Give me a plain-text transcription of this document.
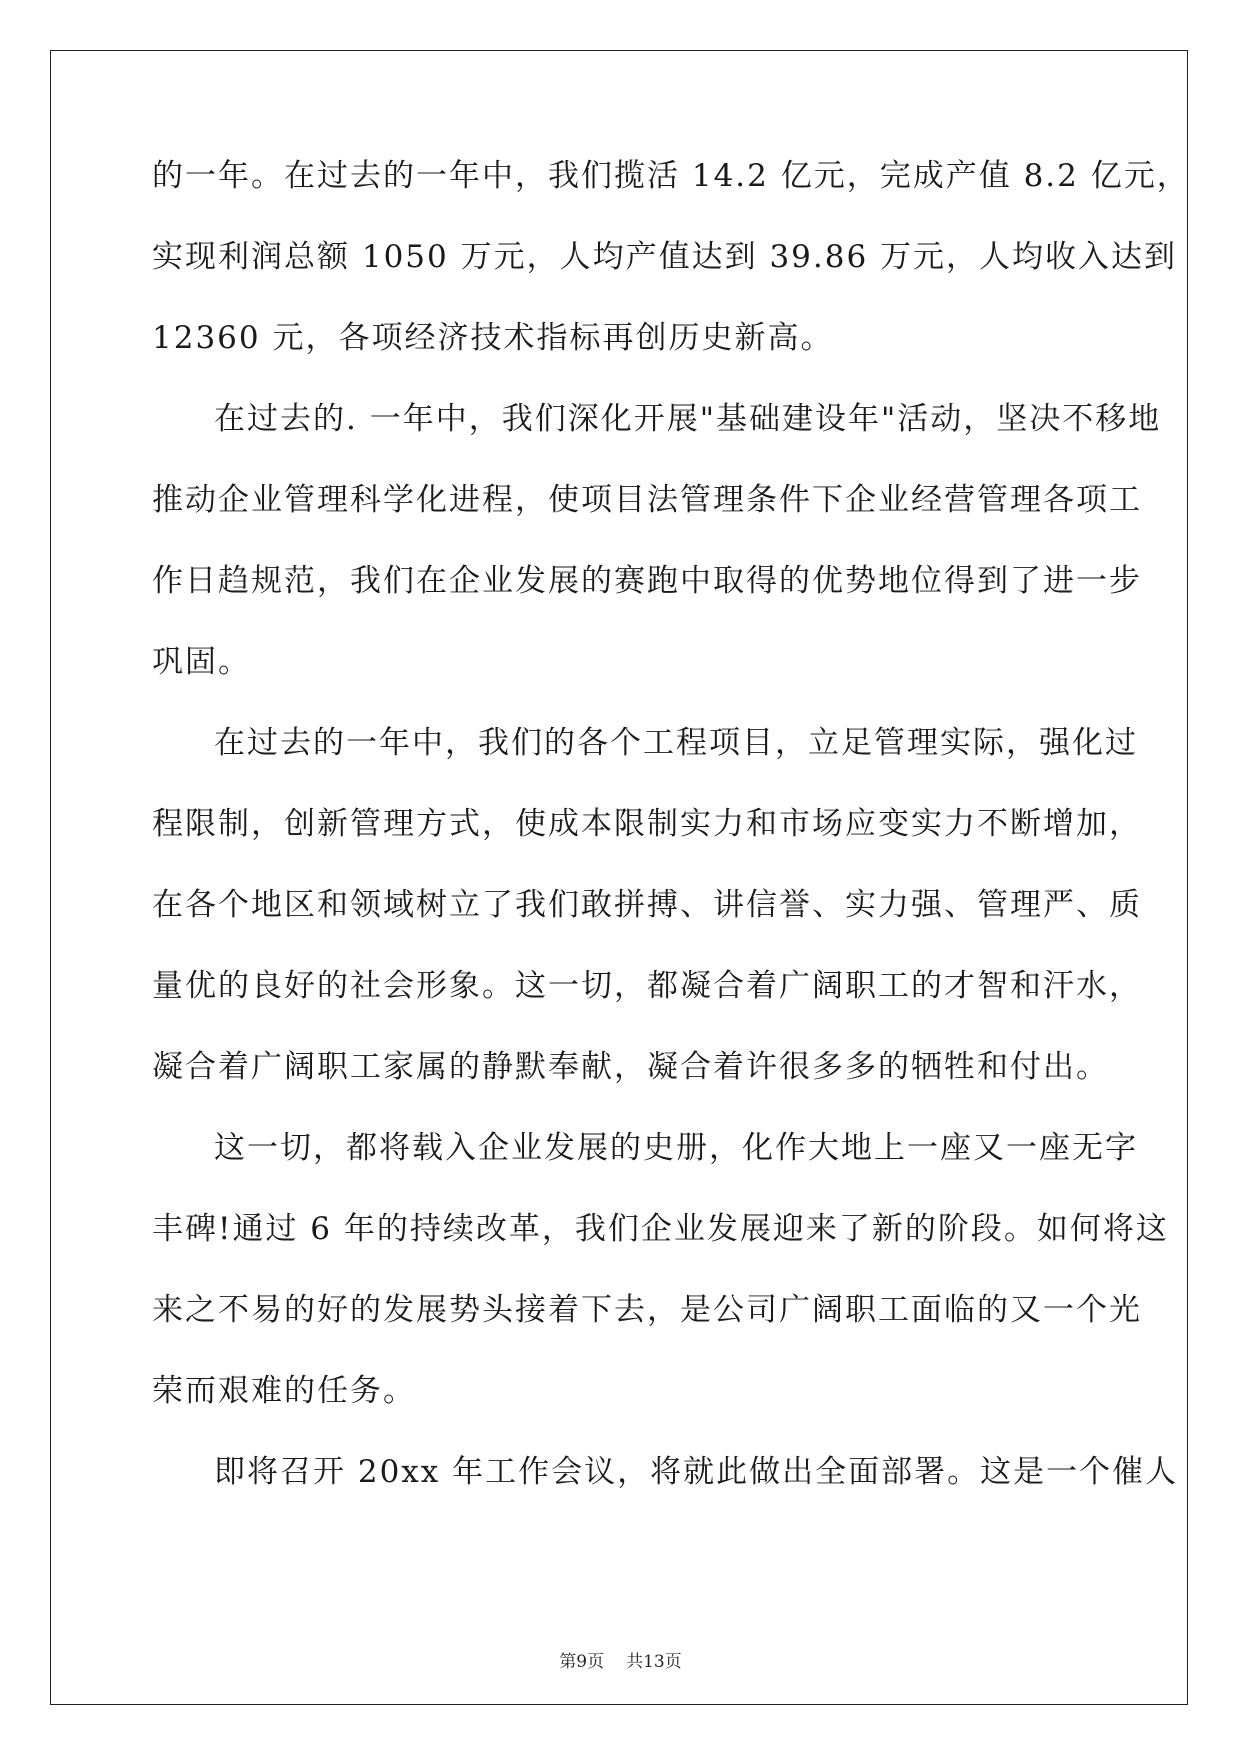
的一年。在过去的一年中，我们揽活 14.2 亿元，完成产值 8.2 亿元，
实现利润总额 1050 万元，人均产值达到 39.86 万元，人均收入达到
12360 元，各项经济技术指标再创历史新高。
在过去的. 一年中，我们深化开展"基础建设年"活动，坚决不移地
推动企业管理科学化进程，使项目法管理条件下企业经营管理各项工
作日趋规范，我们在企业发展的赛跑中取得的优势地位得到了进一步
巩固。
在过去的一年中，我们的各个工程项目，立足管理实际，强化过
程限制，创新管理方式，使成本限制实力和市场应变实力不断增加，
在各个地区和领域树立了我们敢拼搏、讲信誉、实力强、管理严、质
量优的良好的社会形象。这一切，都凝合着广阔职工的才智和汗水，
凝合着广阔职工家属的静默奉献，凝合着许很多多的牺牲和付出。
这一切，都将载入企业发展的史册，化作大地上一座又一座无字
丰碑!通过 6 年的持续改革，我们企业发展迎来了新的阶段。如何将这
来之不易的好的发展势头接着下去，是公司广阔职工面临的又一个光
荣而艰难的任务。
即将召开 20xx 年工作会议，将就此做出全面部署。这是一个催人
第9页 共13页
